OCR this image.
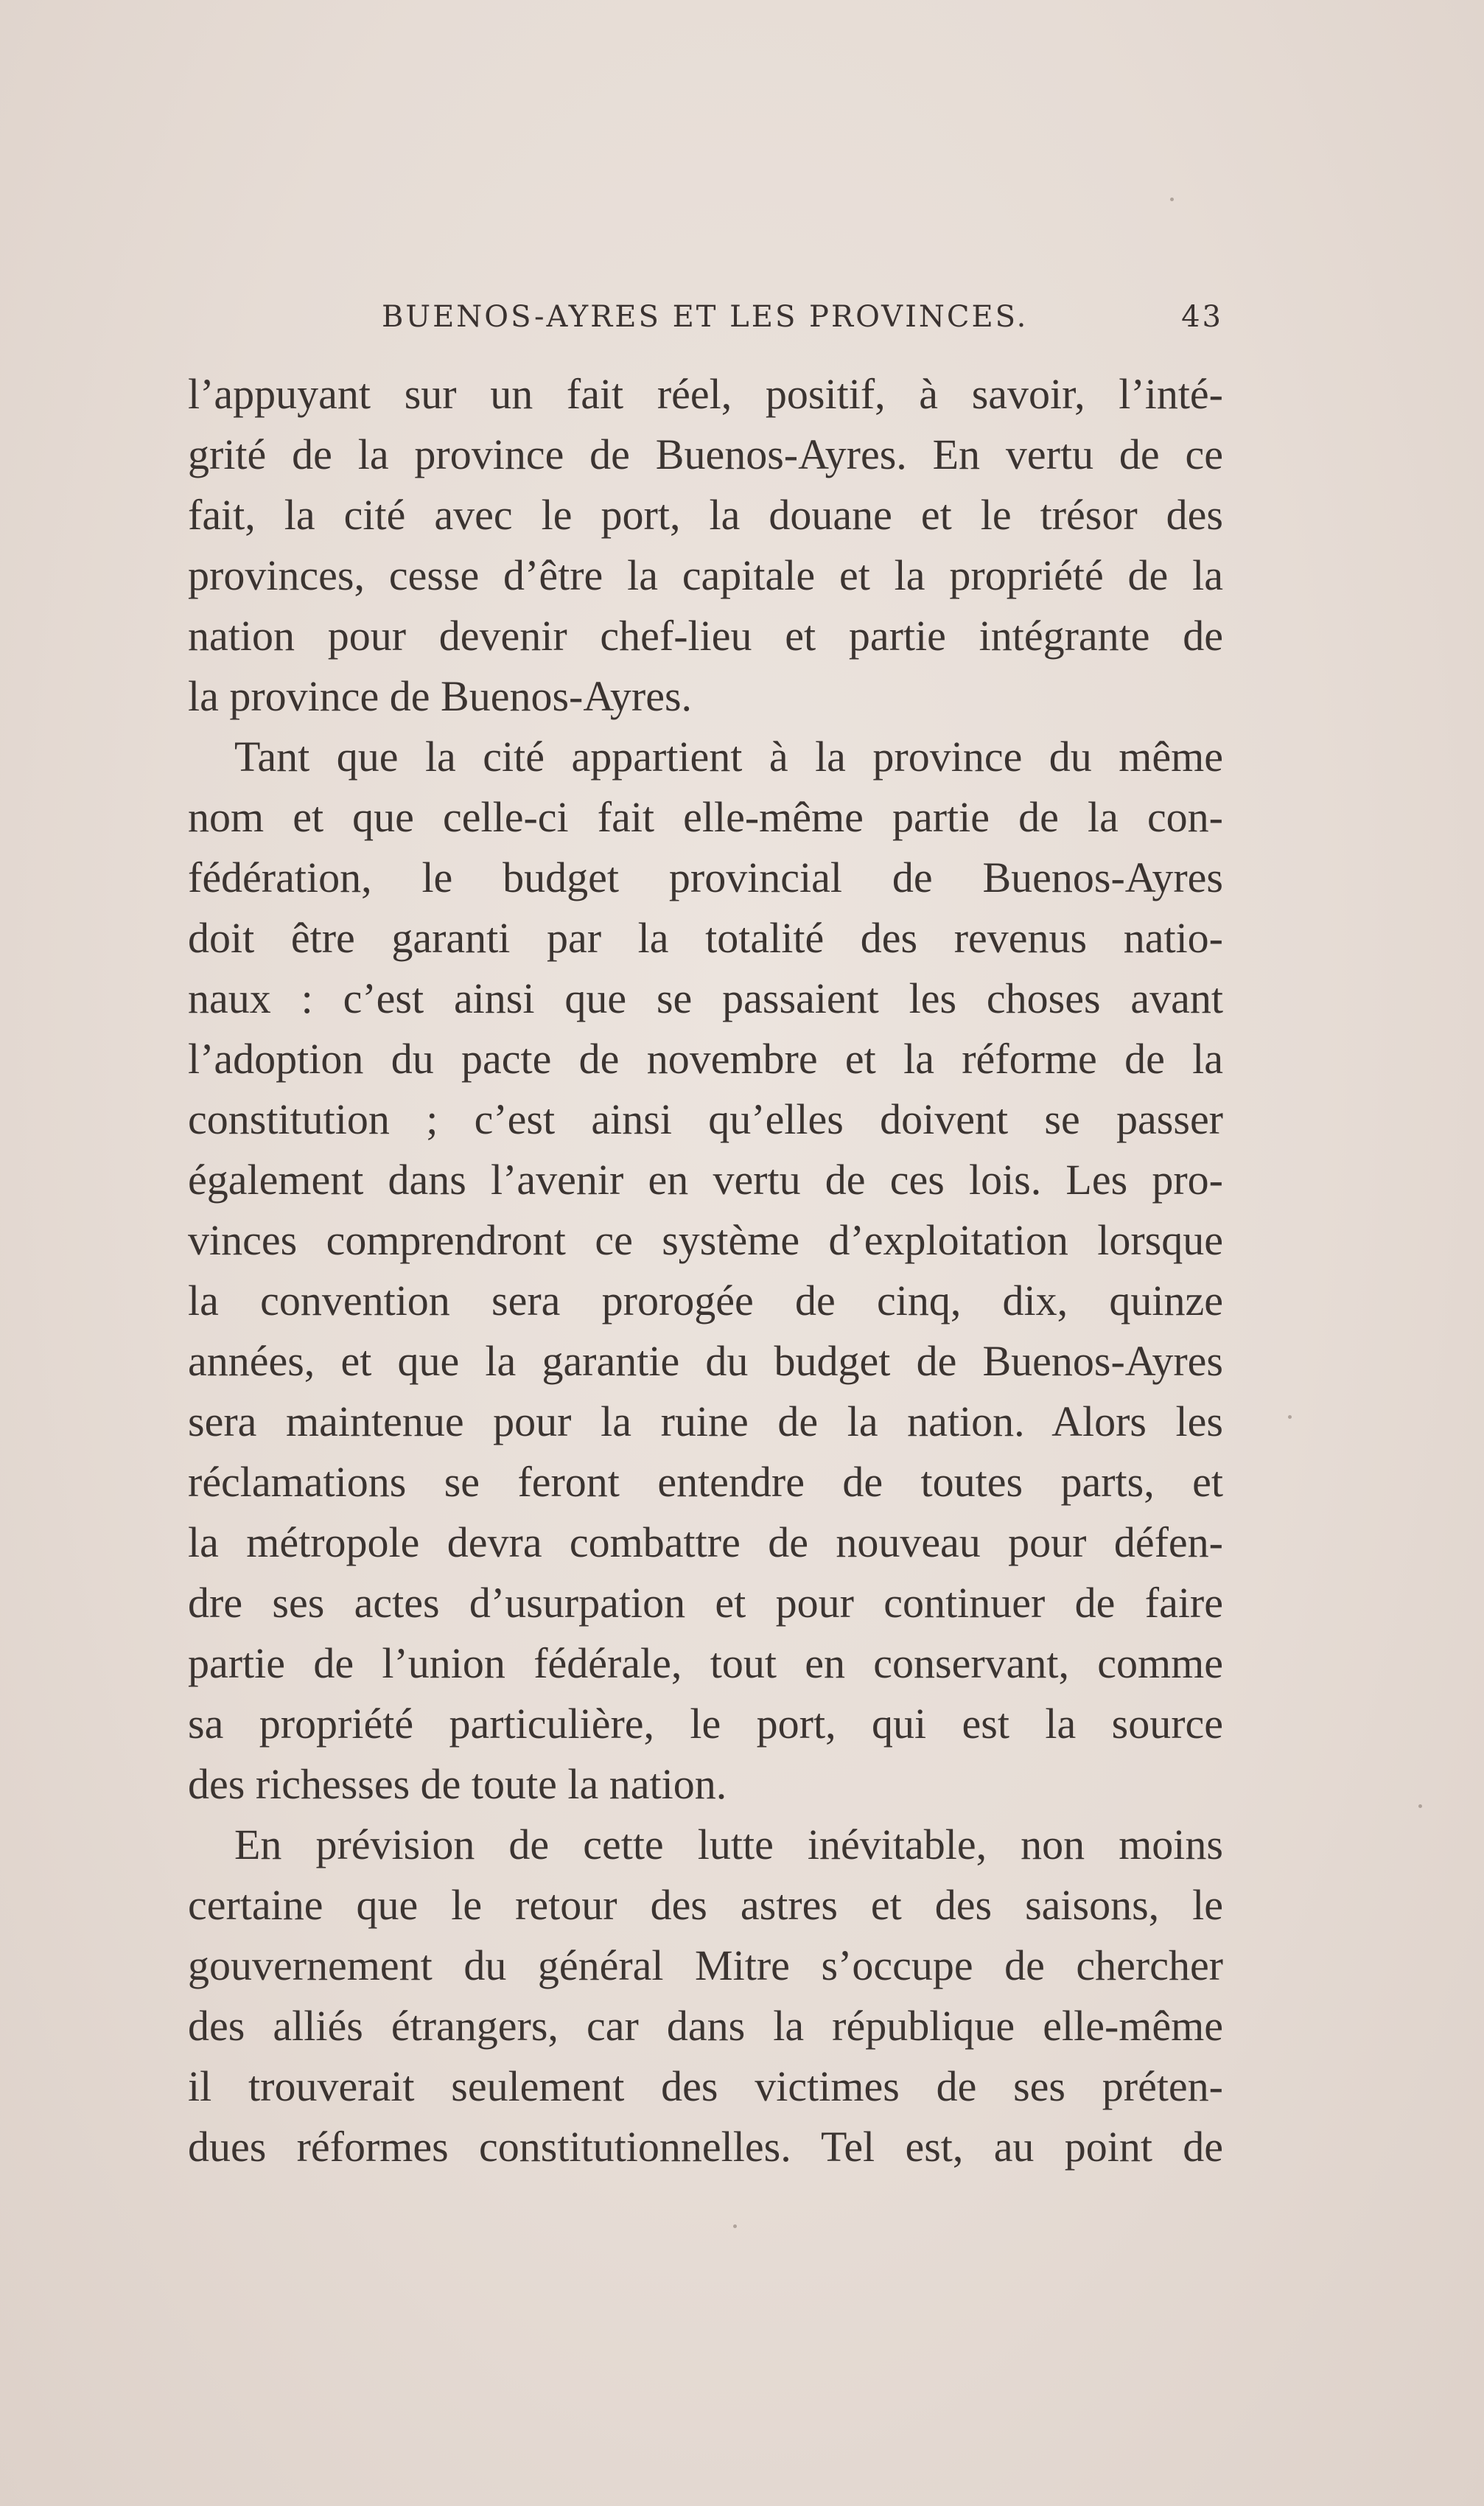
BUENOS-AYRES ET LES PROVINCES.	43
l’appuyant sur un fait réel, positif, à savoir, l’inté-
grité de la province de Buenos-Ayres. En vertu de ce
fait, la cité avec le port, la douane et le trésor des
provinces, cesse d’être la capitale et la propriété de la
nation pour devenir chef-lieu et partie intégrante de
la province de Buenos-Ayres.
Tant que la cité appartient à la province du même
nom et que celle-ci fait elle-même partie de la con-
fédération, le budget provincial de Buenos-Ayres
doit être garanti par la totalité des revenus natio-
naux : c’est ainsi que se passaient les choses avant
l’adoption du pacte de novembre et la réforme de la
constitution ; c’est ainsi qu’elles doivent se passer
également dans l’avenir en vertu de ces lois. Les pro-
vinces comprendront ce système d’exploitation lorsque
la convention sera prorogée de cinq, dix, quinze
années, et que la garantie du budget de Buenos-Ayres
sera maintenue pour la ruine de la nation. Alors les
réclamations se feront entendre de toutes parts, et
la métropole devra combattre de nouveau pour défen-
dre ses actes d’usurpation et pour continuer de faire
partie de l’union fédérale, tout en conservant, comme
sa propriété particulière, le port, qui est la source
des richesses de toute la nation.
En prévision de cette lutte inévitable, non moins
certaine que le retour des astres et des saisons, le
gouvernement du général Mitre s’occupe de chercher
des alliés étrangers, car dans la république elle-même
il trouverait seulement des victimes de ses préten-
dues réformes constitutionnelles. Tel est, au point de
